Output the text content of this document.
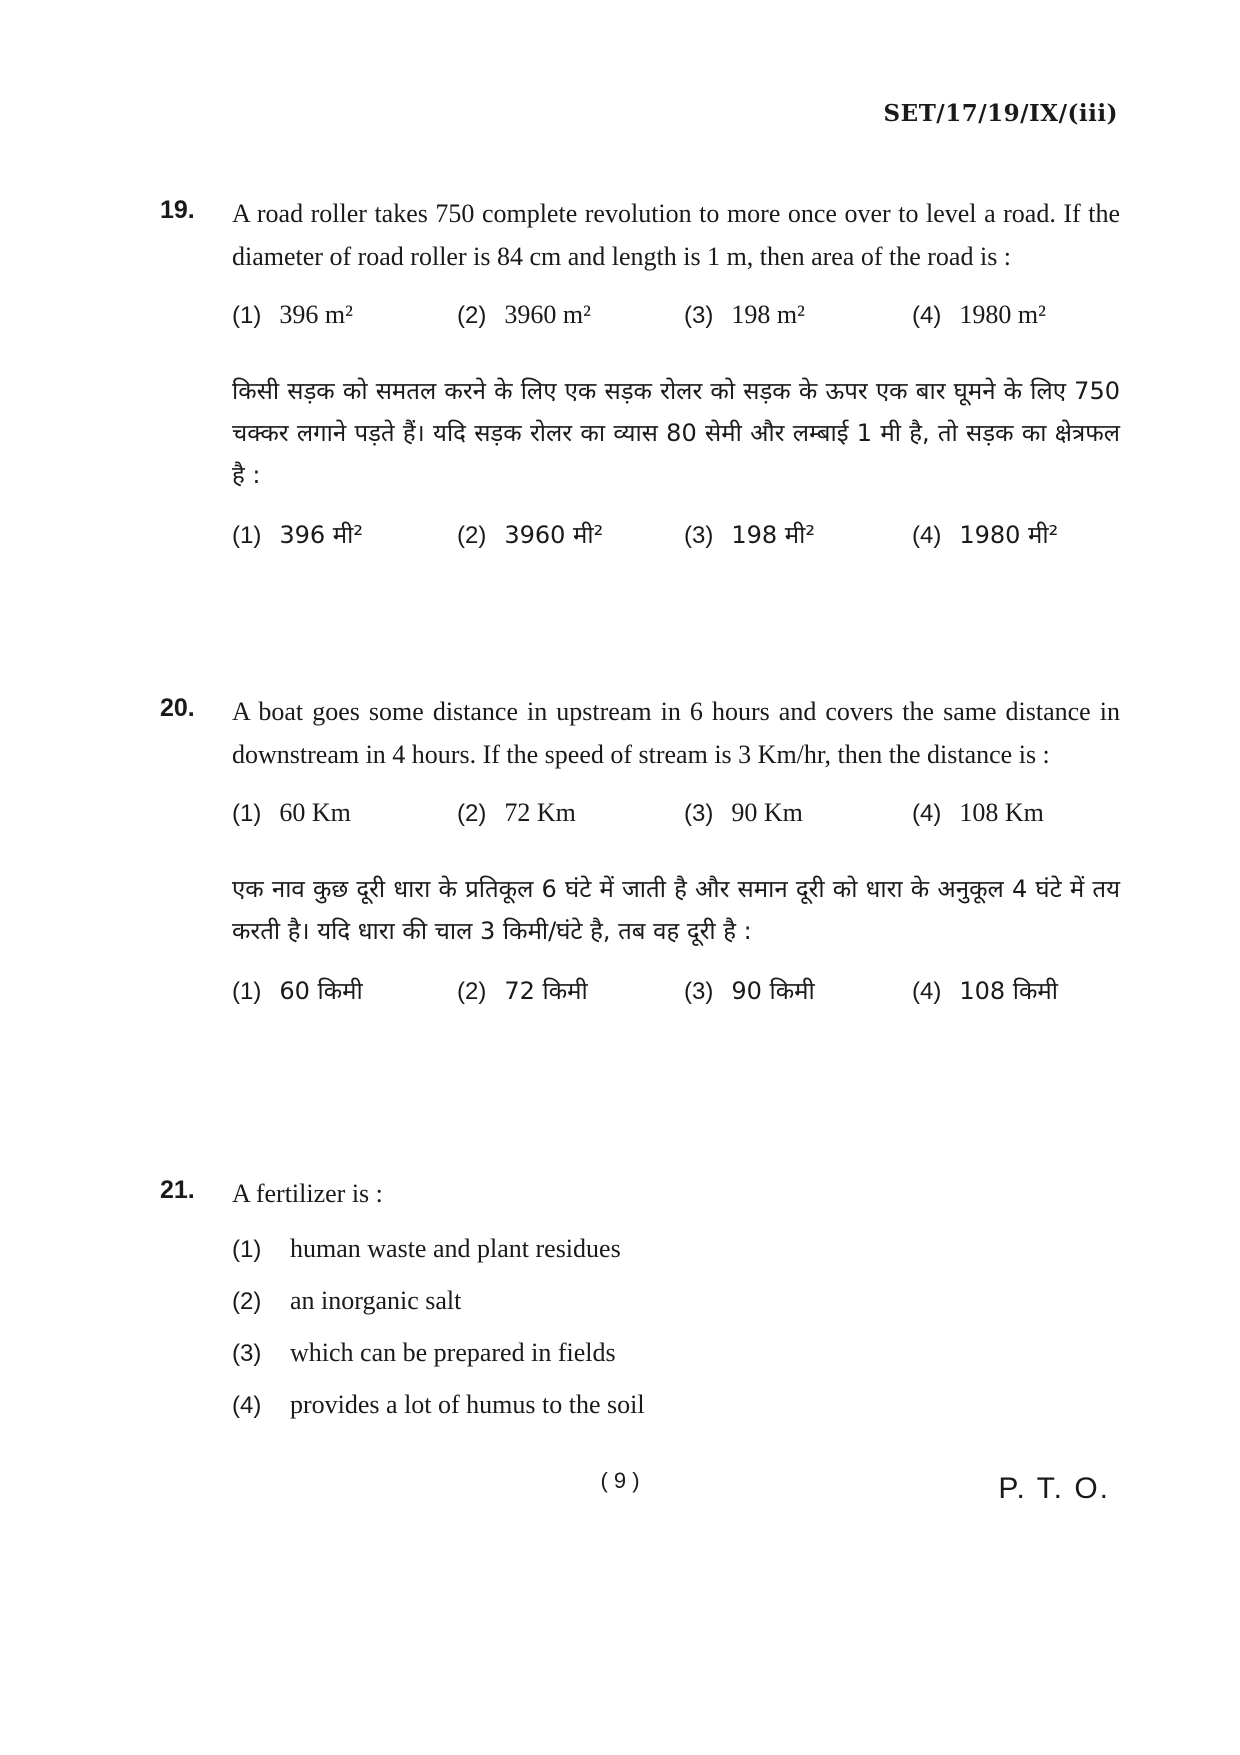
SET/17/19/IX/(iii)
19. A road roller takes 750 complete revolution to more once over to level a road. If the diameter of road roller is 84 cm and length is 1 m, then area of the road is :
(1) 396 m²	(2) 3960 m²	(3) 198 m²	(4) 1980 m²
किसी सड़क को समतल करने के लिए एक सड़क रोलर को सड़क के ऊपर एक बार घूमने के लिए 750 चक्कर लगाने पड़ते हैं। यदि सड़क रोलर का व्यास 80 सेमी और लम्बाई 1 मी है, तो सड़क का क्षेत्रफल है :
(1) 396 मी²	(2) 3960 मी²	(3) 198 मी²	(4) 1980 मी²
20. A boat goes some distance in upstream in 6 hours and covers the same distance in downstream in 4 hours. If the speed of stream is 3 Km/hr, then the distance is :
(1) 60 Km	(2) 72 Km	(3) 90 Km	(4) 108 Km
एक नाव कुछ दूरी धारा के प्रतिकूल 6 घंटे में जाती है और समान दूरी को धारा के अनुकूल 4 घंटे में तय करती है। यदि धारा की चाल 3 किमी/घंटे है, तब वह दूरी है :
(1) 60 किमी	(2) 72 किमी	(3) 90 किमी	(4) 108 किमी
21. A fertilizer is :
(1) human waste and plant residues
(2) an inorganic salt
(3) which can be prepared in fields
(4) provides a lot of humus to the soil
( 9 )	P. T. O.
